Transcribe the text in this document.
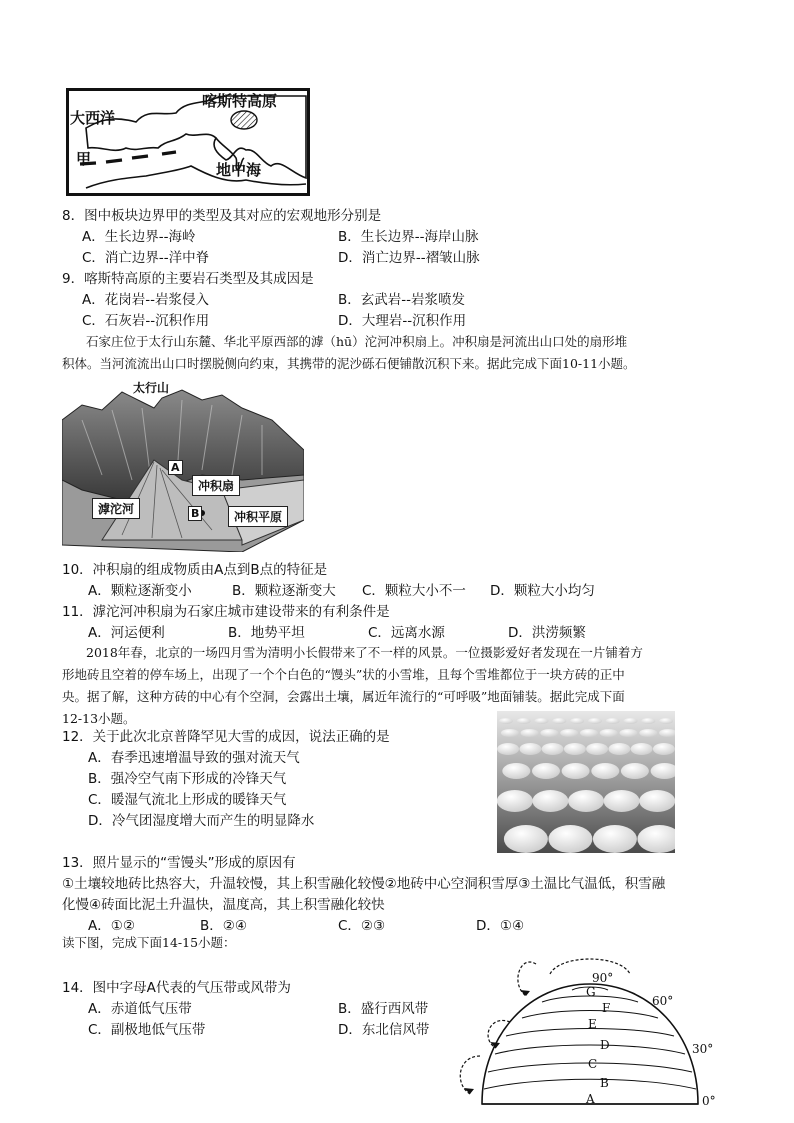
大西洋
喀斯特高原
甲
地中海
8．图中板块边界甲的类型及其对应的宏观地形分别是
A．生长边界--海岭	B．生长边界--海岸山脉
C．消亡边界--洋中脊	D．消亡边界--褶皱山脉
9．喀斯特高原的主要岩石类型及其成因是
A．花岗岩--岩浆侵入	B．玄武岩--岩浆喷发
C．石灰岩--沉积作用	D．大理岩--沉积作用
石家庄位于太行山东麓、华北平原西部的滹（hū）沱河冲积扇上。冲积扇是河流出山口处的扇形堆
积体。当河流流出山口时摆脱侧向约束，其携带的泥沙砾石便铺散沉积下来。据此完成下面10-11小题。
太行山
A
冲积扇
滹沱河	B	冲积平原
10．冲积扇的组成物质由A点到B点的特征是
A．颗粒逐渐变小	B．颗粒逐渐变大 C．颗粒大小不一 D．颗粒大小均匀
11．滹沱河冲积扇为石家庄城市建设带来的有利条件是
A．河运便利	B．地势平坦	C．远离水源	D．洪涝频繁
2018年春，北京的一场四月雪为清明小长假带来了不一样的风景。一位摄影爱好者发现在一片铺着方
形地砖且空着的停车场上，出现了一个个白色的“馒头”状的小雪堆，且每个雪堆都位于一块方砖的正中
央。据了解，这种方砖的中心有个空洞，会露出土壤，属近年流行的“可呼吸”地面铺装。据此完成下面
12-13小题。
12．关于此次北京普降罕见大雪的成因，说法正确的是
A．春季迅速增温导致的强对流天气
B．强冷空气南下形成的冷锋天气
C．暖湿气流北上形成的暖锋天气
D．冷气团湿度增大而产生的明显降水
13．照片显示的“雪馒头”形成的原因有
①土壤较地砖比热容大，升温较慢，其上积雪融化较慢②地砖中心空洞积雪厚③土温比气温低，积雪融
化慢④砖面比泥土升温快，温度高，其上积雪融化较快
A．①②	B．②④	C．②③	D．①④
读下图，完成下面14-15小题：
14．图中字母A代表的气压带或风带为
A．赤道低气压带	B．盛行西风带
C．副极地低气压带	D．东北信风带
A
B
C
D
E
F
G
90°
60°
30°
0°
